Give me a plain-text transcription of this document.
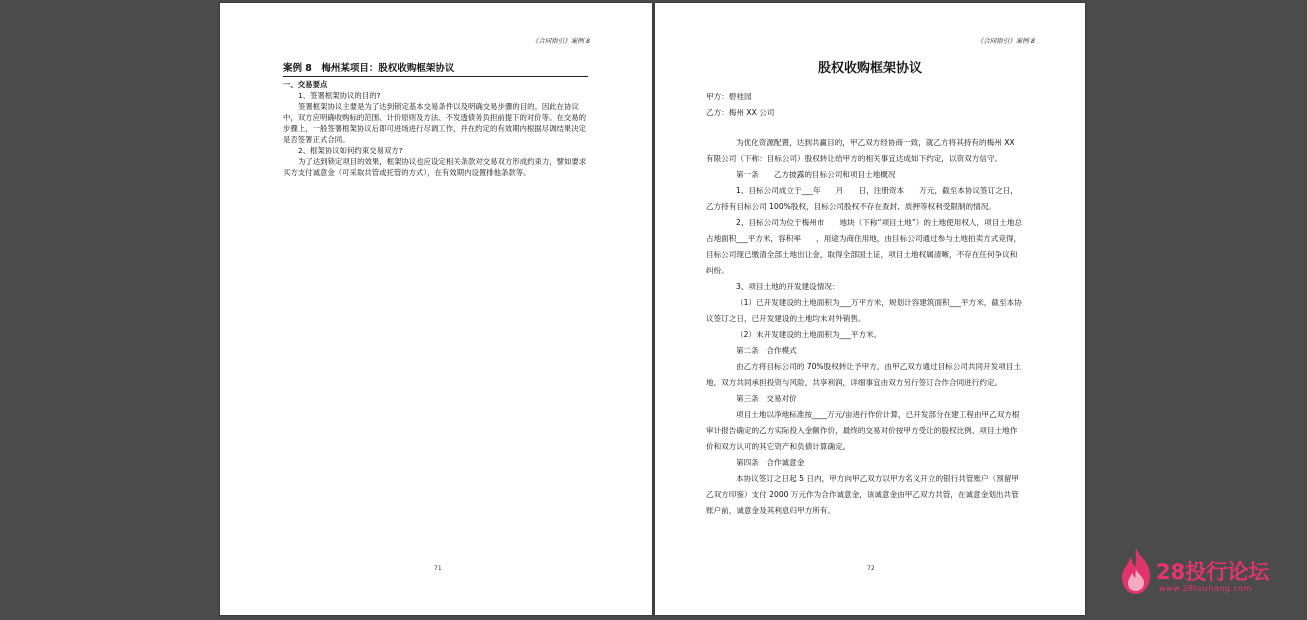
《合同指引》案例 8
案例 8　梅州某项目：股权收购框架协议

一、交易要点

1、签署框架协议的目的?

签署框架协议主要是为了达到锁定基本交易条件以及明确交易步骤的目的。因此在协议中，双方应明确收购标的范围、计价原则及方法、不发透债务负担前提下的对价等。在交易的步骤上，一般签署框架协议后即可进场进行尽调工作，并在约定的有效期内根据尽调结果决定是否签署正式合同。

2、框架协议如何约束交易双方?

为了达到锁定项目的效果，框架协议也应设定相关条款对交易双方形成约束力，譬如要求买方支付诚意金（可采取共管或托管的方式），在有效期内设置排他条款等。

71
《合同指引》案例 8
股权收购框架协议

甲方：碧桂园

乙方：梅州 XX 公司

为优化资源配置，达到共赢目的，甲乙双方经协商一致，就乙方将其持有的梅州 XX 有限公司（下称：目标公司）股权转让给甲方的相关事宜达成如下约定，以资双方信守。

第一条　　乙方披露的目标公司和项目土地概况

1、目标公司成立于___年　　月　　日，注册资本　　万元，截至本协议签订之日，乙方持有目标公司 100%股权，目标公司股权不存在查封、质押等权利受限制的情况。

2、目标公司为位于梅州市　　地块（下称“项目土地”）的土地使用权人，项目土地总占地面积___平方米，容积率　　，用途为商住用地，由目标公司通过参与土地拍卖方式竞得，目标公司现已缴清全部土地出让金，取得全部国土证，项目土地权属清晰，不存在任何争议和纠纷。

3、项目土地的开发建设情况：

（1）已开发建设的土地面积为___万平方米，规划计容建筑面积___平方米，截至本协议签订之日，已开发建设的土地均未对外销售。

（2）未开发建设的土地面积为___平方米。

第二条　合作模式

由乙方将目标公司的 70%股权转让予甲方，由甲乙双方通过目标公司共同开发项目土地，双方共同承担投资与风险，共享利润，详细事宜由双方另行签订合作合同进行约定。

第三条　交易对价

项目土地以净地标准按____万元/亩进行作价计算，已开发部分在建工程由甲乙双方根审计报告确定的乙方实际投入金额作价，最终的交易对价按甲方受让的股权比例、项目土地作价和双方认可的其它资产和负债计算确定。

第四条　合作诚意金

本协议签订之日起 5 日内，甲方向甲乙双方以甲方名义开立的银行共管账户（预留甲乙双方印鉴）支付 2000 万元作为合作诚意金，该诚意金由甲乙双方共管，在诚意金划出共管账户前，诚意金及其利息归甲方所有。

72	28投行论坛
www.28touhang.com
